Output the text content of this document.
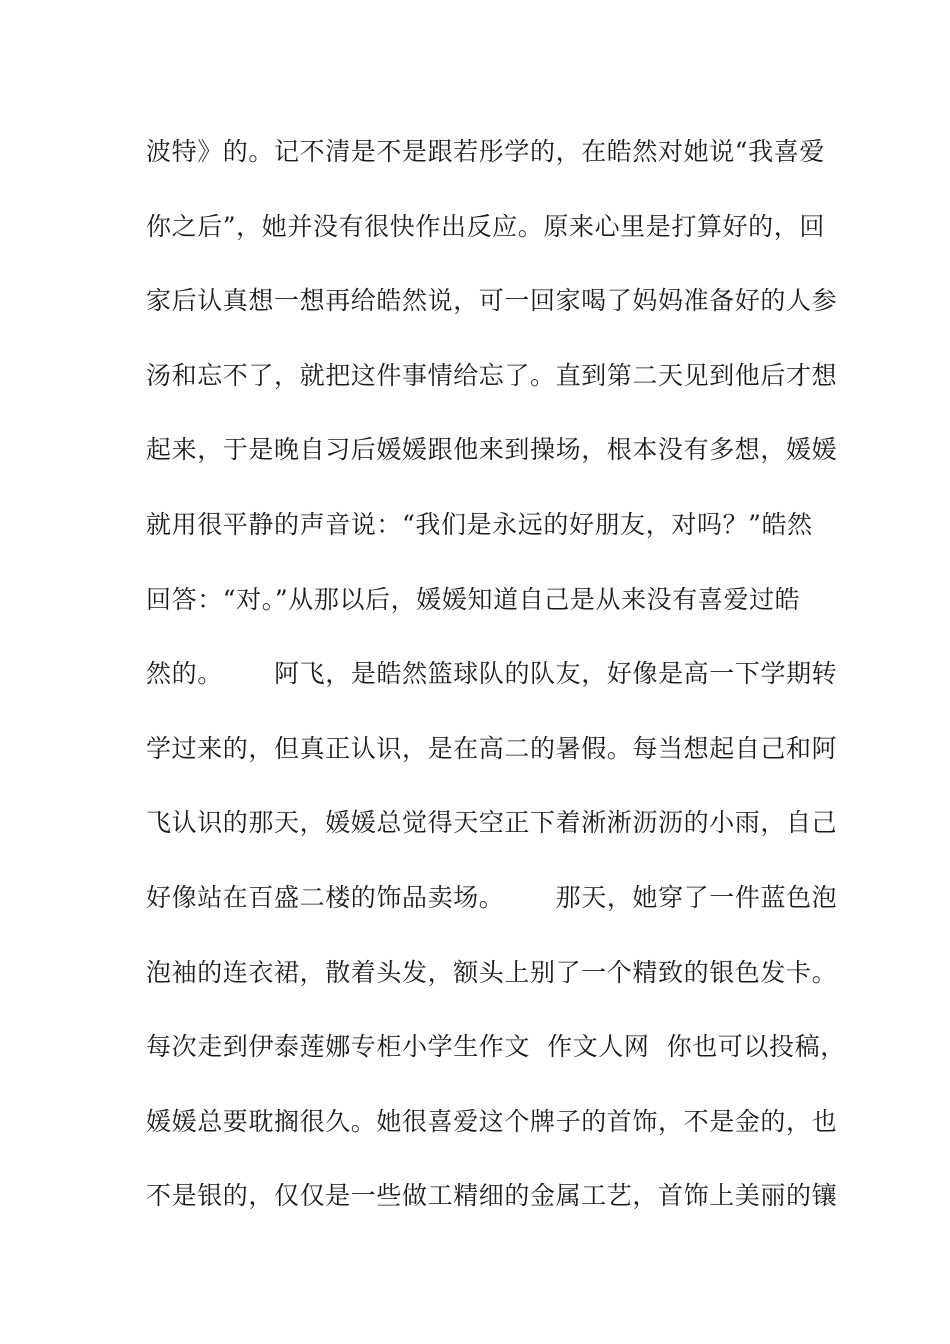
波特》的。记不清是不是跟若彤学的，在皓然对她说“我喜爱
你之后”，她并没有很快作出反应。原来心里是打算好的，回
家后认真想一想再给皓然说，可一回家喝了妈妈准备好的人参
汤和忘不了，就把这件事情给忘了。直到第二天见到他后才想
起来，于是晚自习后媛媛跟他来到操场，根本没有多想，媛媛
就用很平静的声音说：“我们是永远的好朋友，对吗？”皓然
回答：“对。”从那以后，媛媛知道自己是从来没有喜爱过皓
然的。      阿飞，是皓然篮球队的队友，好像是高一下学期转
学过来的，但真正认识，是在高二的暑假。每当想起自己和阿
飞认识的那天，媛媛总觉得天空正下着淅淅沥沥的小雨，自己
好像站在百盛二楼的饰品卖场。      那天，她穿了一件蓝色泡
泡袖的连衣裙，散着头发，额头上别了一个精致的银色发卡。
每次走到伊泰莲娜专柜小学生作文  作文人网  你也可以投稿，
媛媛总要耽搁很久。她很喜爱这个牌子的首饰，不是金的，也
不是银的，仅仅是一些做工精细的金属工艺，首饰上美丽的镶
